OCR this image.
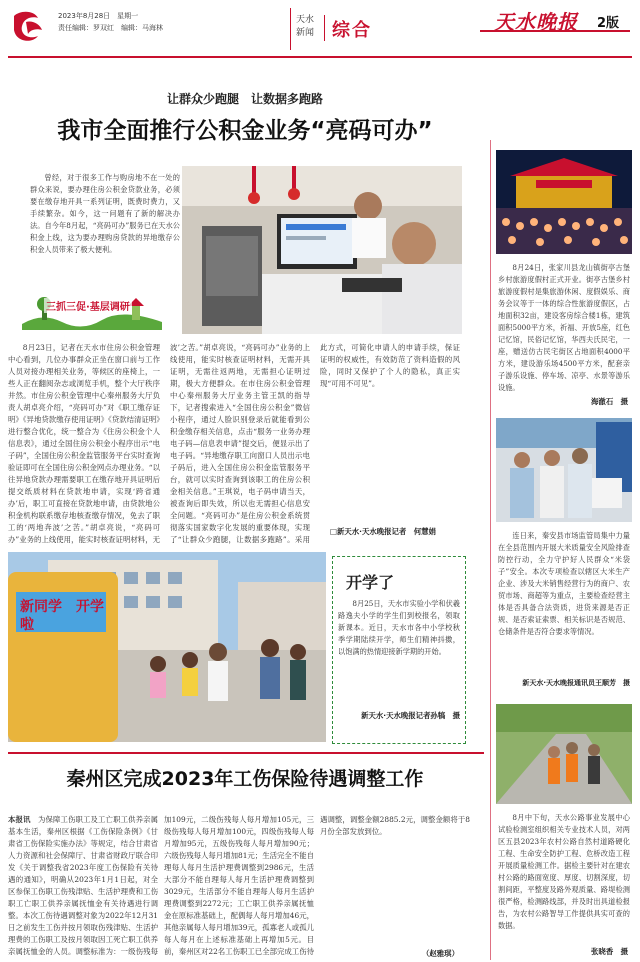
2023年8月28日　星期一
责任编辑：罗双红　编辑：马海林
天水
新闻 综合	天水晚报 2版
让群众少跑腿　让数据多跑路
我市全面推行公积金业务“亮码可办”
曾经，对于很多工作与购房地不在一处的群众来说，要办理住房公积金贷款业务，必须要在缴存地开具一系列证明，既费时费力，又手续繁杂。如今，这一问题有了新的解决办法。自今年8月起，“亮码可办”服务已在天水公积金上线，这为要办理购房贷款的异地缴存公积金人员带来了极大便利。
三抓三促·基层调研
8月23日，记者在天水市住房公积金管理中心看到，几位办事群众正坐在窗口前与工作人员对接办理相关业务，等候区的座椅上，一些人正在翻阅杂志或浏览手机，整个大厅秩序井然。市住房公积金管理中心秦州服务大厅负责人胡卓亮介绍，“亮码可办”对《职工缴存证明》《异地贷款缴存使用证明》《贷款结清证明》进行整合优化，统一整合为《住房公积金个人信息表》，通过全国住房公积金小程序出示“电子码”，全国住房公积金监管服务平台实时查询验证即可在全国住房公积金网点办理业务。“以往异地贷款办理需要职工在缴存地开具证明后提交纸质材料在贷款地申请，实现‘跨省通办’后，职工可直接在贷款地申请，由贷款地公积金机构联系缴存地核查缴存情况，免去了职工的‘两地奔波’之苦。”胡卓亮说，“亮码可办”业务的上线使用，能实时核查证明材料，无
波’之苦。”胡卓亮说，“亮码可办”业务的上线使用，能实时核查证明材料，无需开具证明，无需往返两地，无需担心证明过期，极大方便群众。在市住房公积金管理中心秦州服务大厅业务主管王凯的指导下，记者搜索进入“全国住房公积金”微信小程序，通过人脸识别登录后就能看到公积金缴存相关信息，点击“服务一业务办理电子码—信息表申请”提交后，便显示出了电子码。“异地缴存职工向窗口人员出示电子码后，进入全国住房公积金监管服务平台，就可以实时查询到该职工的住房公积金相关信息。”王琪说，电子码申请当天，被查询后即失效，所以也无需担心信息安全问题。“亮码可办”是住房公积金系统贯彻落实国家数字化发展的重要体现，实现了“让群众少跑腿，让数据多跑路”。采用
此方式，可简化申请人的申请手续，保证证明的权威性，有效防范了资料造假的风险，同时又保护了个人的隐私，真正实现“可用不可见”。
□新天水·天水晚报记者　何慧娟
新同学　开学啦
开学了
8月25日，天水市实验小学和伏羲路逸夫小学的学生们到校报名，领取新课本。近日，天水市各中小学校秋季学期陆续开学，师生们精神抖擞，以饱满的热情迎接新学期的开始。
新天水·天水晚报记者孙犒　摄
秦州区完成2023年工伤保险待遇调整工作
本报讯　 为保障工伤职工及工亡职工供养亲属基本生活，秦州区根据《工伤保险条例》《甘肃省工伤保险实施办法》等规定，结合甘肃省人力资源和社会保障厅、甘肃省财政厅联合印发《关于调整我省2023年度工伤保险有关待遇的通知》，明确从2023年1月1日起，对全区参保工伤职工伤残津贴、生活护理费和工伤职工亡职工供养亲属抚恤金有关待遇进行调整。本次工伤待遇调整对象为2022年12月31日之前发生工伤并按月领取伤残津贴、生活护理费的工伤职工及按月领取因工死亡职工供养亲属抚恤金的人员。调整标准为：一级伤残每
加109元，二级伤残每人每月增加105元，三级伤残每人每月增加100元，四级伤残每人每月增加95元，五级伤残每人每月增加90元；六级伤残每人每月增加81元；生活完全不能自理每人每月生活护理费调整到2986元，生活大部分不能自理每人每月生活护理费调整到3029元，生活部分不能自理每人每月生活护理费调整到2272元；工亡职工供养亲属抚恤金在原标准基础上，配偶每人每月增加46元，其他亲属每人每月增加39元，孤寡老人或孤儿每人每月在上述标准基础上再增加5元。目前，秦州区对22名工伤职工已全部完成工伤待
遇调整，调整金额2885.2元，调整金额将于8月份全部发放到位。
（赵雅琪）
8月24日，张家川县龙山镇街亭古堡乡村旅游度假村正式开业。街亭古堡乡村旅游度假村是集旅游休闲、度假娱乐、商务会议等于一体的综合性旅游度假区，占地面积32亩，建设客房综合楼1栋，建筑面积5000平方米，祈福、开放5座，红色记忆馆，民俗记忆馆，华西夫氏民宅，一座，赠送仿古民宅街区占地面积4000平方米，建设游乐场4500平方米，配套亲子游乐设施、停车场、凉亭、水景等游乐设施。
海澈石　摄
连日来，秦安县市场监管局集中力量在全县范围内开展大米质量安全风险排查防控行动，全力守护好人民群众“米袋子”安全。本次专项检查以辖区大米生产企业、涉及大米销售经营行为的商户、农贸市场、商超等为重点，主要检查经营主体是否具备合法资质，进货来源是否正规、是否索证索票、相关标识是否规范、仓储条件是否符合要求等情况。
新天水·天水晚报通讯员王顺芳　摄
8月中下旬，天水公路事业发展中心试验检测室组织相关专业技术人员，对两区五县2023年农村公路自然村道路硬化工程、生命安全防护工程、危桥改造工程开展质量检测工作。据检主要针对在建农村公路的路面宽度、厚度、切割深度，切割间距，平整度及路外观质量、路堤检测很严格，检测路线部，并及时出具道检报告，为农村公路智导工作提供具实可查的数据。
张晓香　摄
